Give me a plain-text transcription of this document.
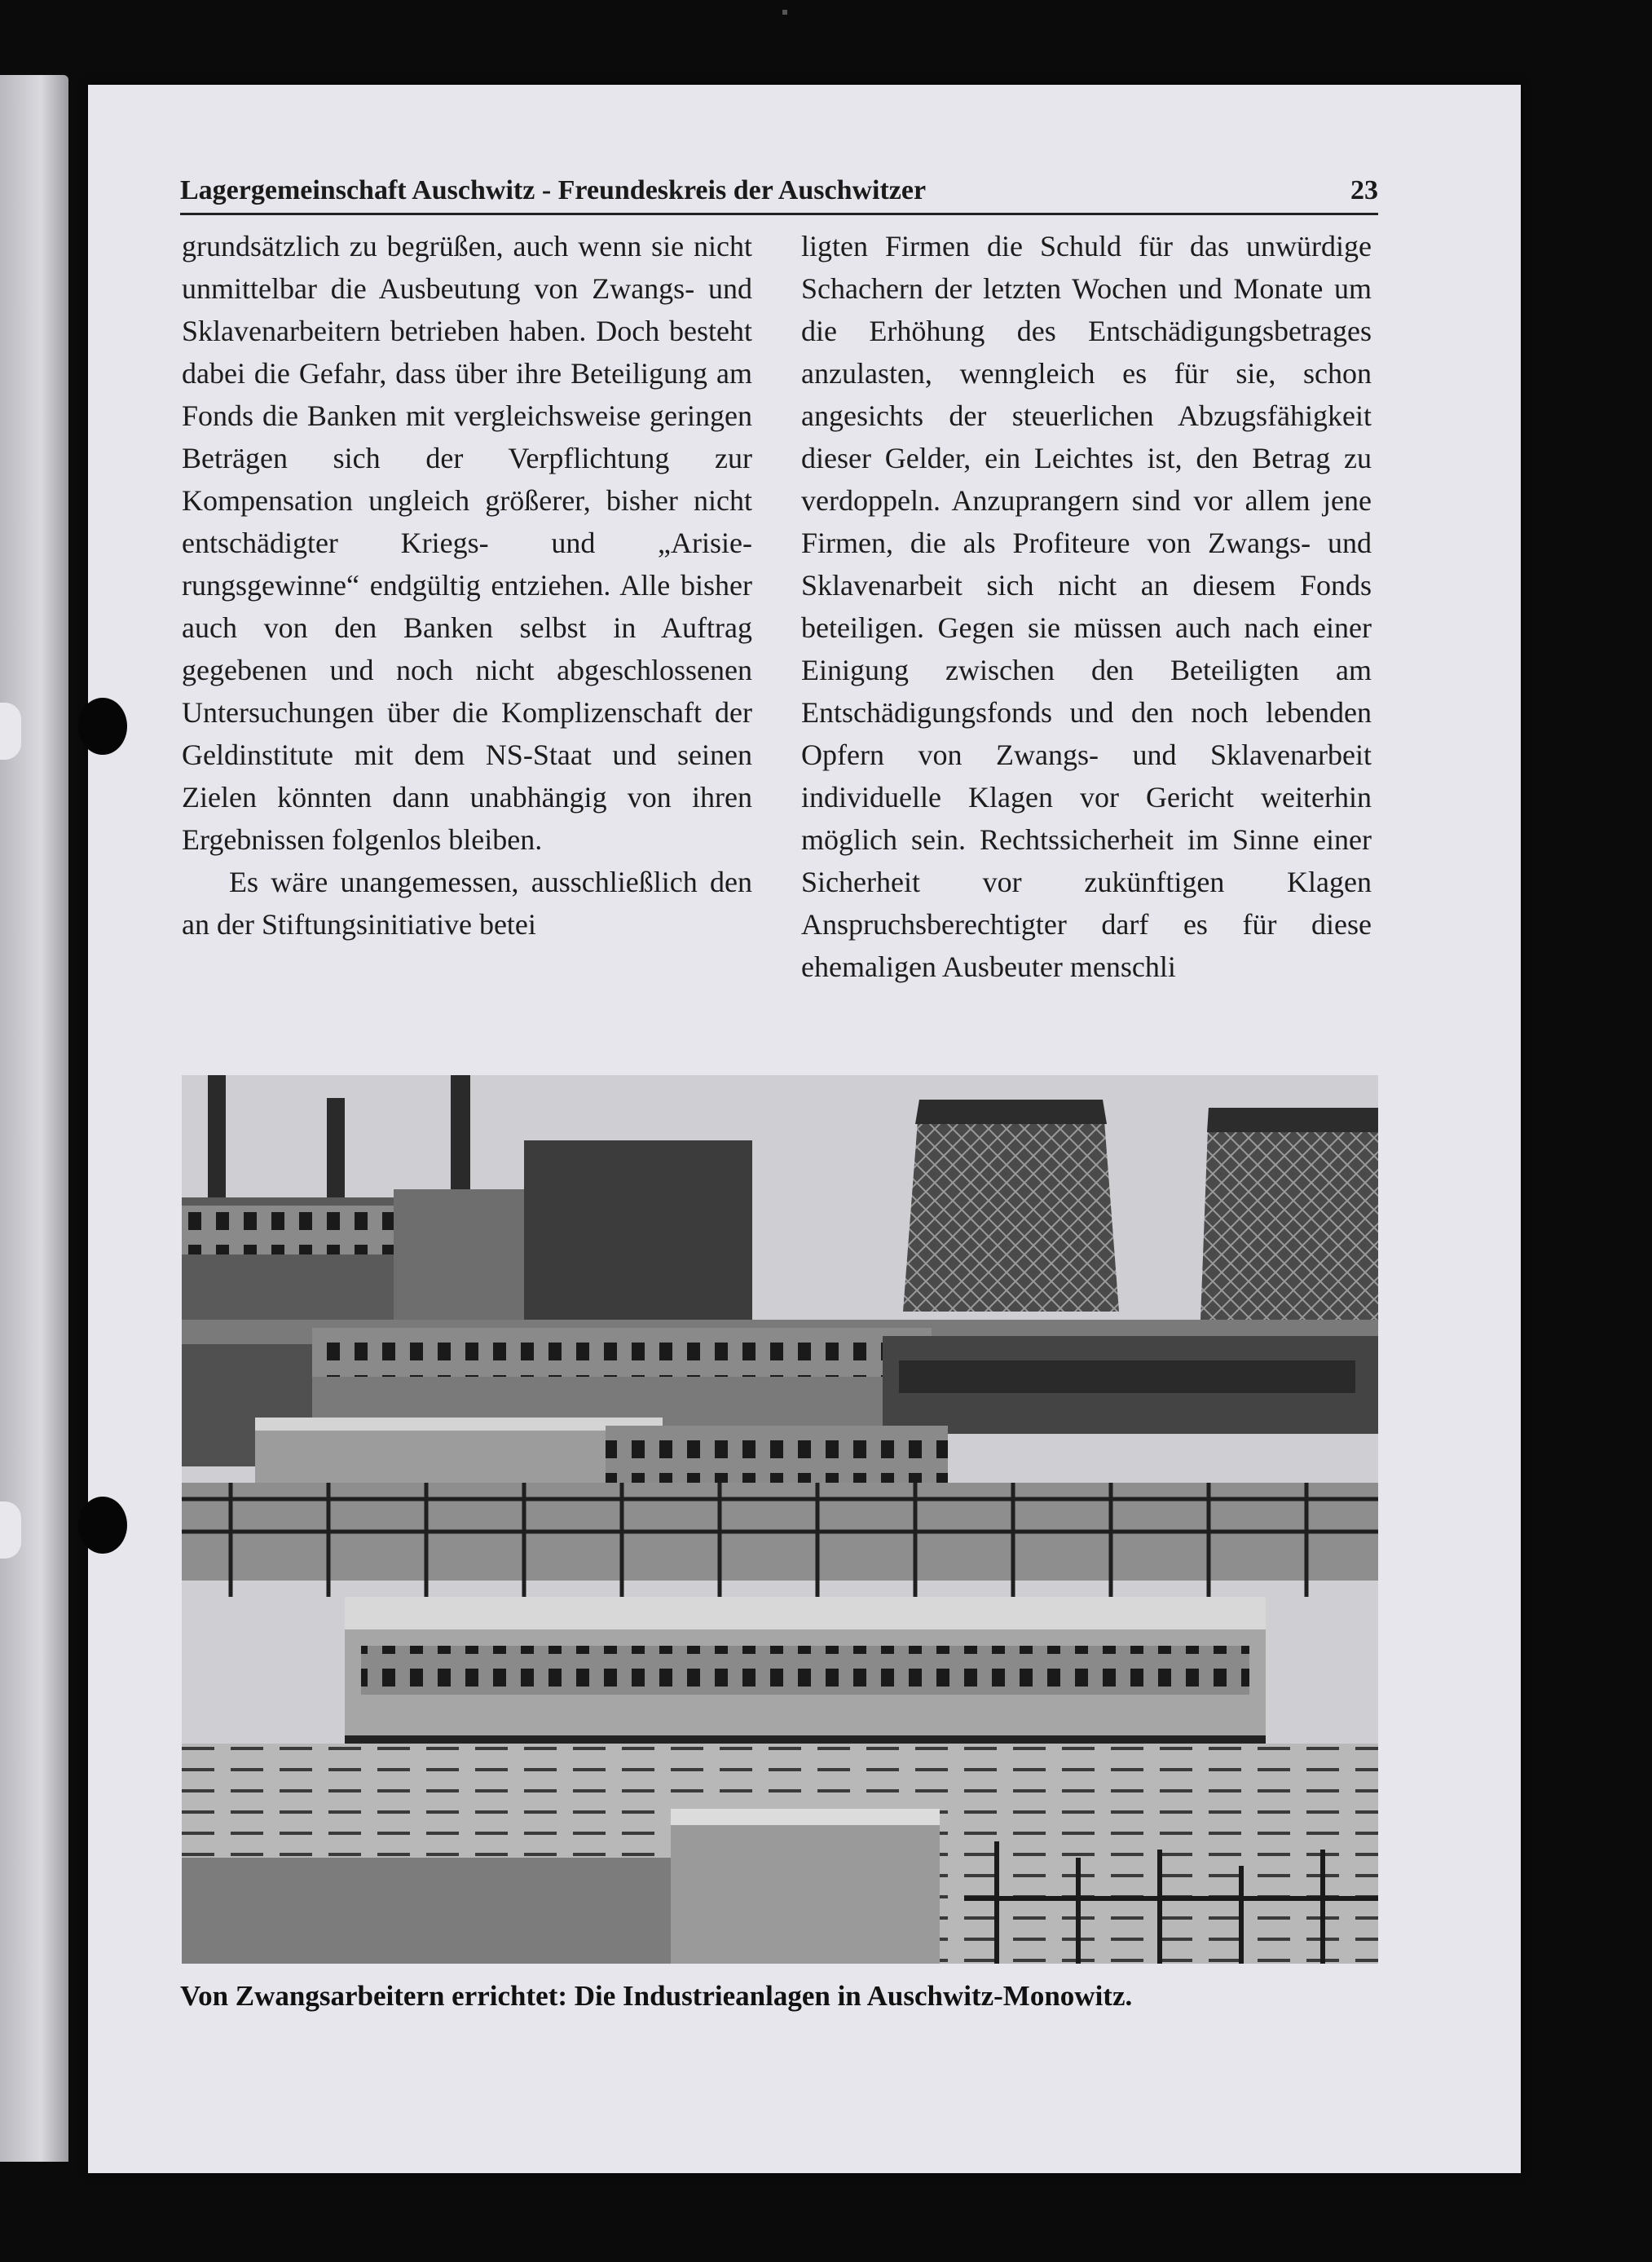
Lagergemeinschaft Auschwitz - Freundeskreis der Auschwitzer	23

grundsätzlich zu begrüßen, auch wenn sie nicht unmittelbar die Ausbeutung von Zwangs- und Sklavenarbeitern betrieben haben. Doch besteht dabei die Gefahr, dass über ihre Beteiligung am Fonds die Banken mit vergleichsweise geringen Beträgen sich der Verpflichtung zur Kompensation ungleich größerer, bisher nicht entschädigter Kriegs- und „Arisierungsgewinne“ endgültig entziehen. Alle bisher auch von den Banken selbst in Auftrag gegebenen und noch nicht abgeschlossenen Untersuchungen über die Komplizenschaft der Geldinstitute mit dem NS-Staat und seinen Zielen könnten dann unabhängig von ihren Ergebnissen folgenlos bleiben.

Es wäre unangemessen, ausschließlich den an der Stiftungsinitiative betei

ligten Firmen die Schuld für das unwürdige Schachern der letzten Wochen und Monate um die Erhöhung des Entschädigungsbetrages anzulasten, wenngleich es für sie, schon angesichts der steuerlichen Abzugsfähigkeit dieser Gelder, ein Leichtes ist, den Betrag zu verdoppeln. Anzuprangern sind vor allem jene Firmen, die als Profiteure von Zwangs- und Sklavenarbeit sich nicht an diesem Fonds beteiligen. Gegen sie müssen auch nach einer Einigung zwischen den Beteiligten am Entschädigungsfonds und den noch lebenden Opfern von Zwangs- und Sklavenarbeit individuelle Klagen vor Gericht weiterhin möglich sein. Rechtssicherheit im Sinne einer Sicherheit vor zukünftigen Klagen Anspruchsberechtigter darf es für diese ehemaligen Ausbeuter menschli

Von Zwangsarbeitern errichtet: Die Industrieanlagen in Auschwitz-Monowitz.
